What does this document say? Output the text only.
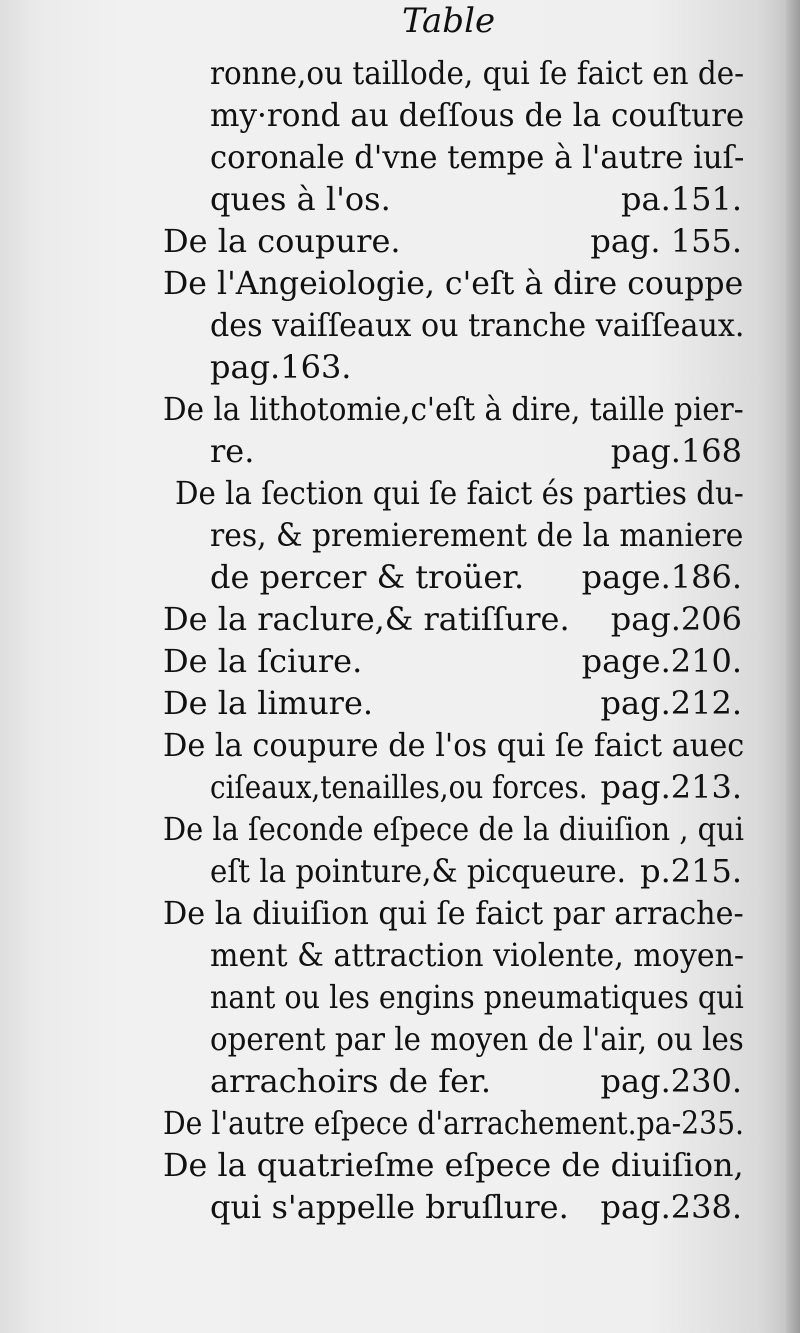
Table
ronne,ou taillode, qui ſe faict en de-
my·rond au deſſous de la couſture
coronale d'vne tempe à l'autre iuſ-
ques à l'os.	pa.151.
De la coupure.	pag. 155.
De l'Angeiologie, c'eſt à dire couppe
des vaiſſeaux ou tranche vaiſſeaux.
pag.163.
De la lithotomie,c'eſt à dire, taille pier-
re.	pag.168
De la ſection qui ſe faict és parties du-
res, & premierement de la maniere
de percer & troüer. page.186.
De la raclure,& ratiſſure. pag.206
De la ſciure.	page.210.
De la limure.	pag.212.
De la coupure de l'os qui ſe faict auec
ciſeaux,tenailles,ou forces. pag.213.
De la ſeconde eſpece de la diuiſion , qui
eſt la pointure,& picqueure. p.215.
De la diuiſion qui ſe faict par arrache-
ment & attraction violente, moyen-
nant ou les engins pneumatiques qui
operent par le moyen de l'air, ou les
arrachoirs de fer.	pag.230.
De l'autre eſpece d'arrachement.pa-235.
De la quatrieſme eſpece de diuiſion,
qui s'appelle bruſlure. pag.238.
